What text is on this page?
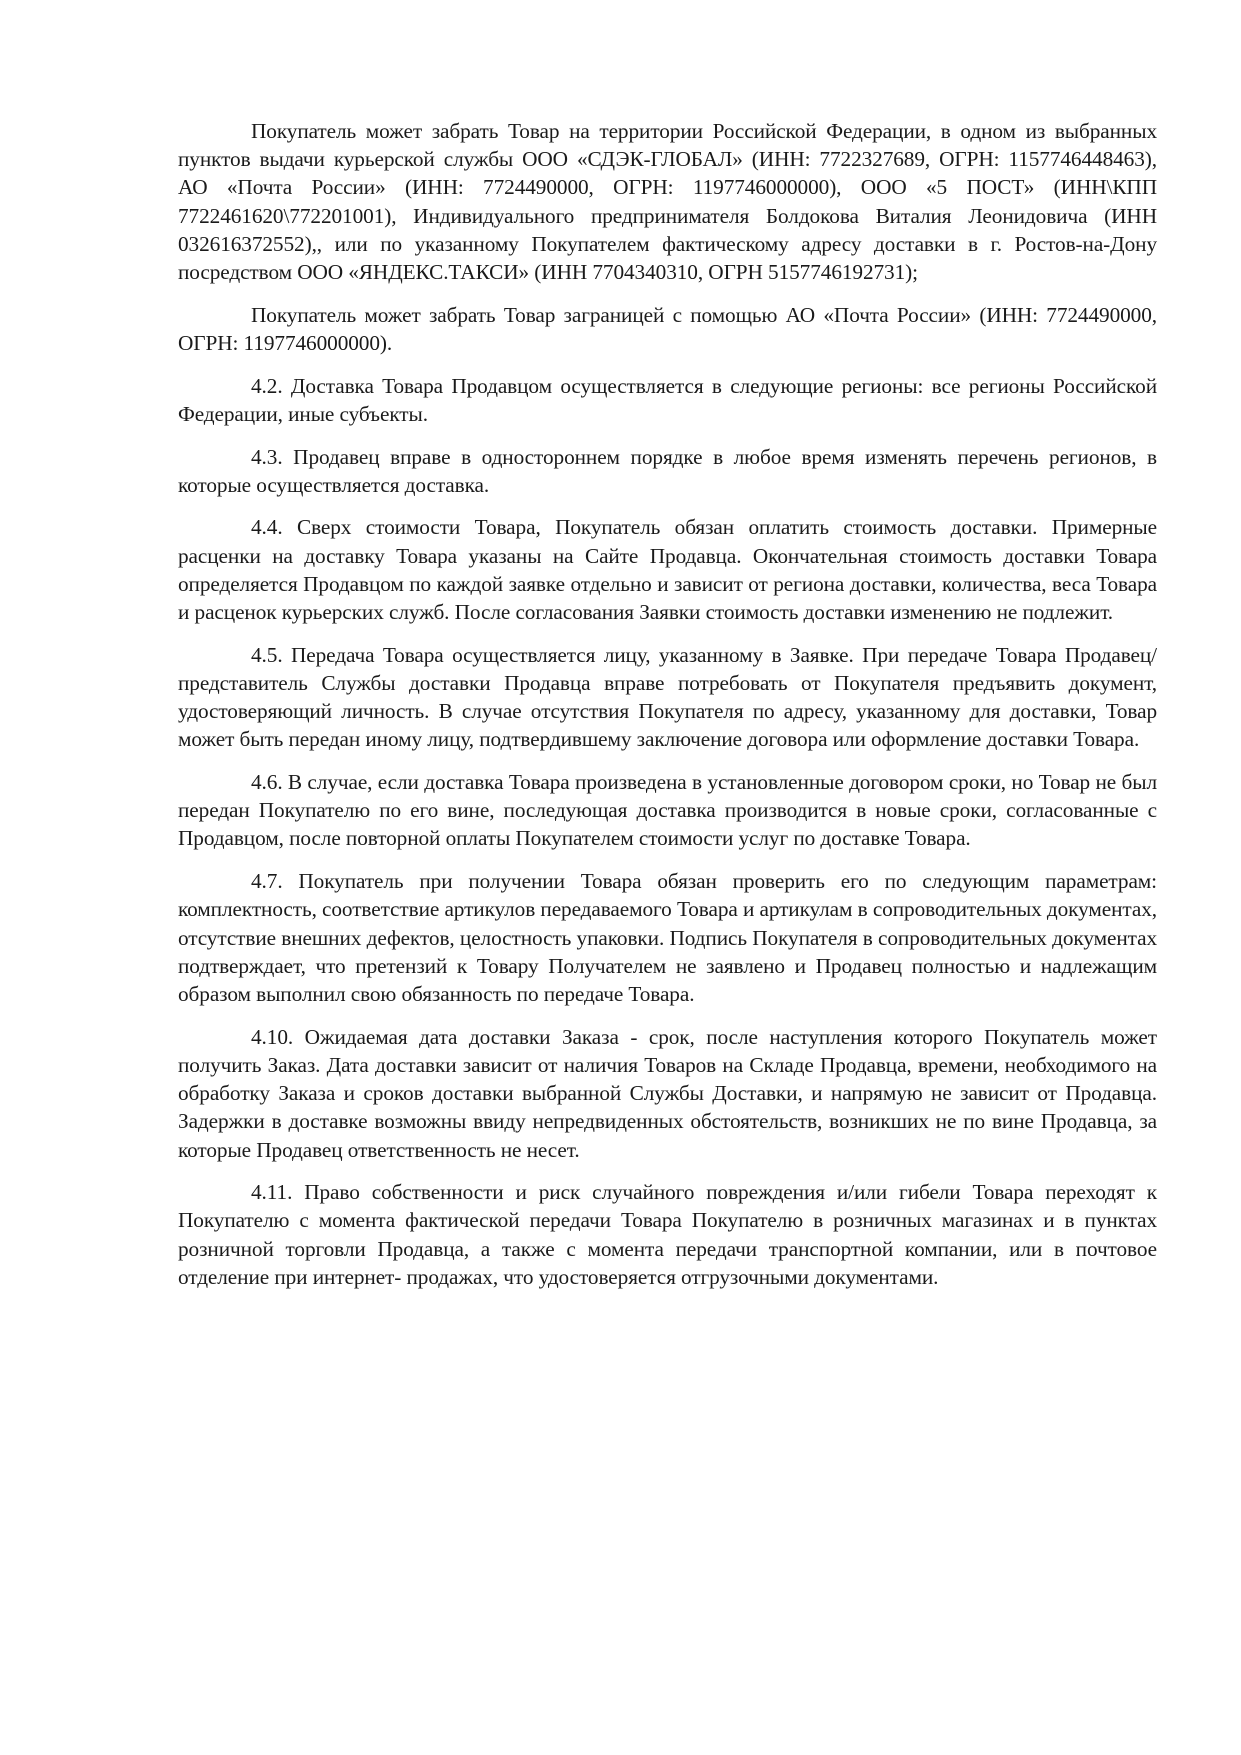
Покупатель может забрать Товар на территории Российской Федерации, в одном из выбранных пунктов выдачи курьерской службы ООО «СДЭК-ГЛОБАЛ» (ИНН: 7722327689, ОГРН: 1157746448463), АО «Почта России» (ИНН: 7724490000, ОГРН: 1197746000000), ООО «5 ПОСТ» (ИНН\КПП 7722461620\772201001), Индивидуального предпринимателя Болдокова Виталия Леонидовича (ИНН 032616372552),, или по указанному Покупателем фактическому адресу доставки в г. Ростов-на-Дону посредством ООО «ЯНДЕКС.ТАКСИ» (ИНН 7704340310, ОГРН 5157746192731);

Покупатель может забрать Товар заграницей с помощью АО «Почта России» (ИНН: 7724490000, ОГРН: 1197746000000).

4.2. Доставка Товара Продавцом осуществляется в следующие регионы: все регионы Российской Федерации, иные субъекты.

4.3. Продавец вправе в одностороннем порядке в любое время изменять перечень регионов, в которые осуществляется доставка.

4.4. Сверх стоимости Товара, Покупатель обязан оплатить стоимость доставки. Примерные расценки на доставку Товара указаны на Сайте Продавца. Окончательная стоимость доставки Товара определяется Продавцом по каждой заявке отдельно и зависит от региона доставки, количества, веса Товара и расценок курьерских служб. После согласования Заявки стоимость доставки изменению не подлежит.

4.5. Передача Товара осуществляется лицу, указанному в Заявке. При передаче Товара Продавец/представитель Службы доставки Продавца вправе потребовать от Покупателя предъявить документ, удостоверяющий личность. В случае отсутствия Покупателя по адресу, указанному для доставки, Товар может быть передан иному лицу, подтвердившему заключение договора или оформление доставки Товара.

4.6. В случае, если доставка Товара произведена в установленные договором сроки, но Товар не был передан Покупателю по его вине, последующая доставка производится в новые сроки, согласованные с Продавцом, после повторной оплаты Покупателем стоимости услуг по доставке Товара.

4.7. Покупатель при получении Товара обязан проверить его по следующим параметрам: комплектность, соответствие артикулов передаваемого Товара и артикулам в сопроводительных документах, отсутствие внешних дефектов, целостность упаковки. Подпись Покупателя в сопроводительных документах подтверждает, что претензий к Товару Получателем не заявлено и Продавец полностью и надлежащим образом выполнил свою обязанность по передаче Товара.

4.10. Ожидаемая дата доставки Заказа - срок, после наступления которого Покупатель может получить Заказ. Дата доставки зависит от наличия Товаров на Складе Продавца, времени, необходимого на обработку Заказа и сроков доставки выбранной Службы Доставки, и напрямую не зависит от Продавца. Задержки в доставке возможны ввиду непредвиденных обстоятельств, возникших не по вине Продавца, за которые Продавец ответственность не несет.

4.11. Право собственности и риск случайного повреждения и/или гибели Товара переходят к Покупателю с момента фактической передачи Товара Покупателю в розничных магазинах и в пунктах розничной торговли Продавца, а также с момента передачи транспортной компании, или в почтовое отделение при интернет- продажах, что удостоверяется отгрузочными документами.
